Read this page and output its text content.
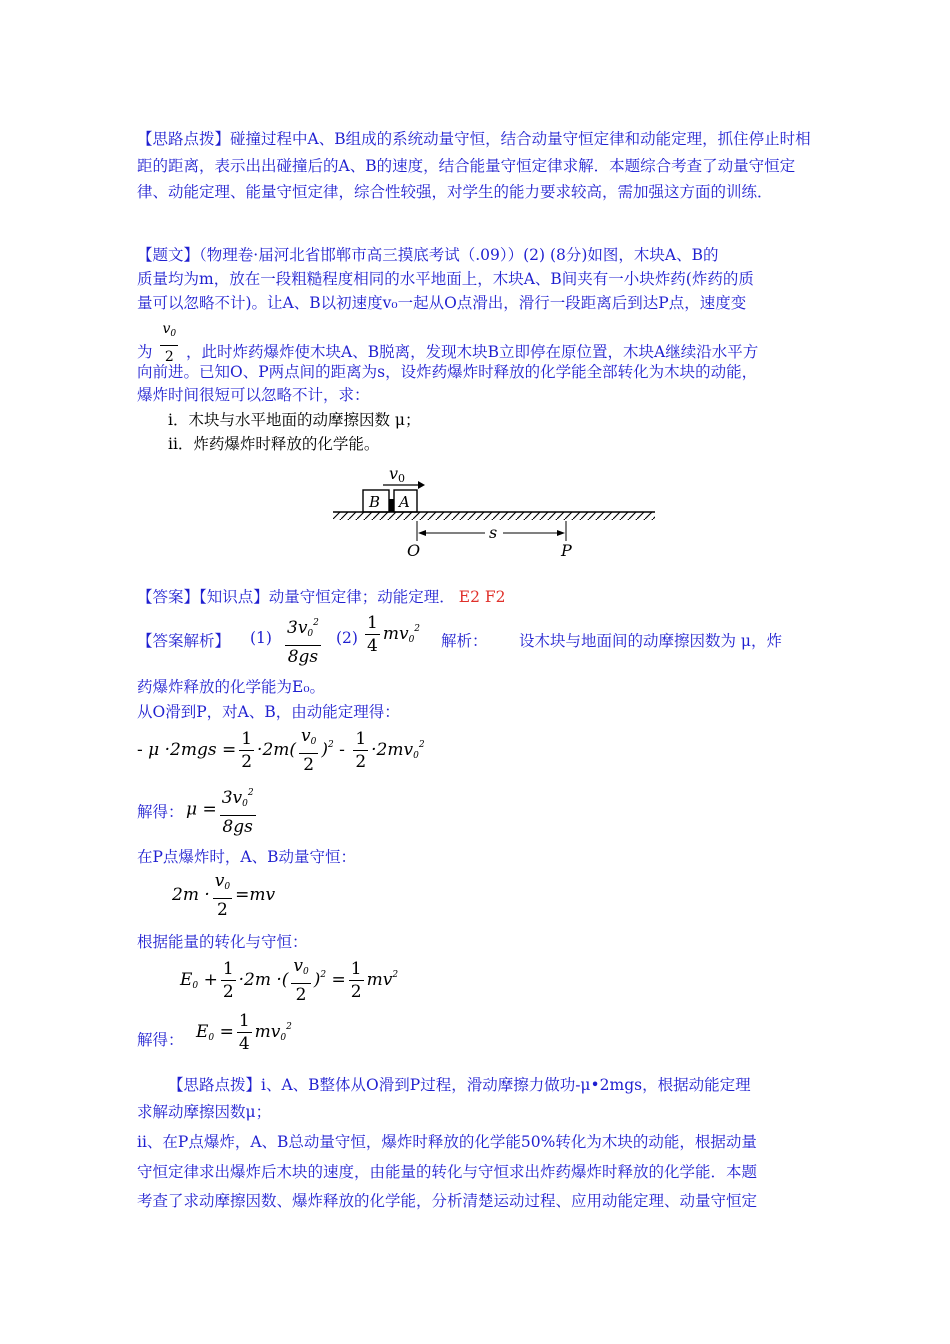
【思路点拨】碰撞过程中A、B组成的系统动量守恒，结合动量守恒定律和动能定理，抓住停止时相距的距离，表示出出碰撞后的A、B的速度，结合能量守恒定律求解．本题综合考查了动量守恒定律、动能定理、能量守恒定律，综合性较强，对学生的能力要求较高，需加强这方面的训练．
【题文】（物理卷·届河北省邯郸市高三摸底考试（.09））(2) (8分)如图，木块A、B的
质量均为m，放在一段粗糙程度相同的水平地面上，木块A、B间夹有一小块炸药(炸药的质
量可以忽略不计)。让A、B以初速度v₀一起从O点滑出，滑行一段距离后到达P点，速度变
为 $\frac{v_0}{2}$ ，此时炸药爆炸使木块A、B脱离，发现木块B立即停在原位置，木块A继续沿水平方
向前进。已知O、P两点间的距离为s，设炸药爆炸时释放的化学能全部转化为木块的动能，
爆炸时间很短可以忽略不计，求：
i．木块与水平地面的动摩擦因数 μ；
ii．炸药爆炸时释放的化学能。
v0
B A
s
O	P
【答案】【知识点】动量守恒定律；动能定理． E2 F2
【答案解析】 $(1) \frac{3v_0^2}{8gs} (2) \frac{1}{4} mv_0^2$
解析： 设木块与地面间的动摩擦因数为 μ，炸
药爆炸释放的化学能为E₀。
从O滑到P，对A、B，由动能定理得：
- $\mu \cdot 2mgs = \frac{1}{2} \cdot 2m( \frac{v_0}{2} )^2 - \frac{1}{2} \cdot 2mv_0^2$
解得： $\mu = \frac{3v_0^2}{8gs}$
在P点爆炸时，A、B动量守恒：
$2m \cdot \frac{v_0}{2} =mv$
根据能量的转化与守恒：
$E_0 + \frac{1}{2} \cdot 2m$ ·( $\frac{v_0}{2} )^2 = \frac{1}{2} mv^2$
解得： $E_0 = \frac{1}{4} mv_0^2$
【思路点拨】i、A、B整体从O滑到P过程，滑动摩擦力做功-μ•2mgs，根据动能定理
求解动摩擦因数μ；
ii、在P点爆炸，A、B总动量守恒，爆炸时释放的化学能50%转化为木块的动能，根据动量
守恒定律求出爆炸后木块的速度，由能量的转化与守恒求出炸药爆炸时释放的化学能．本题
考查了求动摩擦因数、爆炸释放的化学能，分析清楚运动过程、应用动能定理、动量守恒定
